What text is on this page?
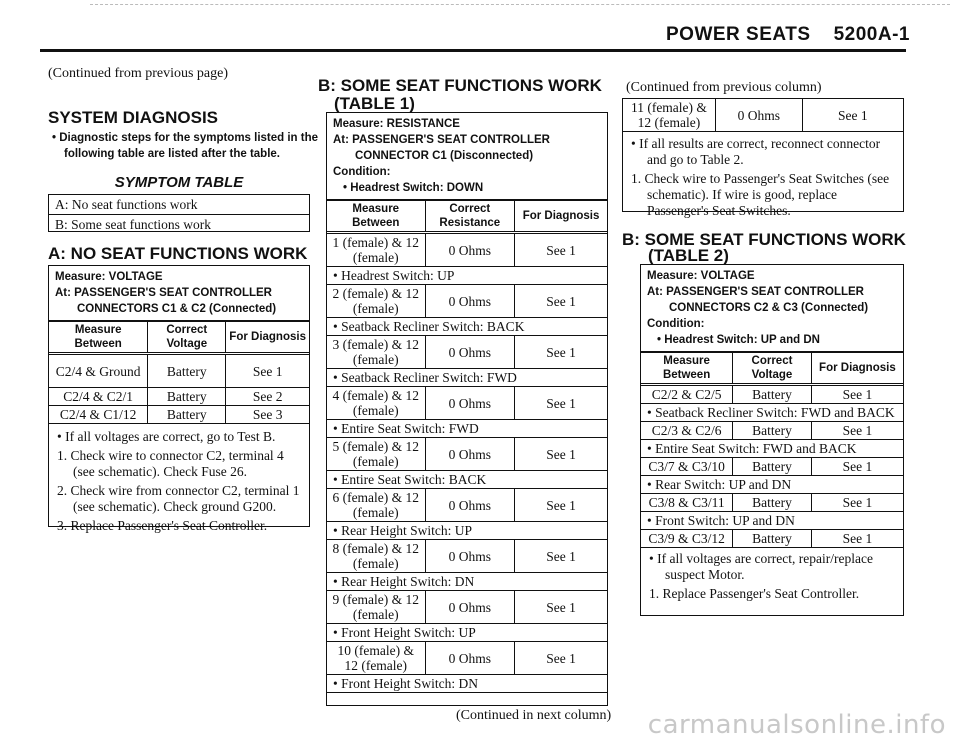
POWER SEATS    5200A-1
(Continued from previous page)
SYSTEM DIAGNOSIS
• Diagnostic steps for the symptoms listed in the following table are listed after the table.
SYMPTOM TABLE
A: No seat functions work
B: Some seat functions work
A: NO SEAT FUNCTIONS WORK
Measure: VOLTAGE
At: PASSENGER'S SEAT CONTROLLER
CONNECTORS C1 & C2 (Connected)
Measure Between	Correct Voltage	For Diagnosis
C2/4 & Ground	Battery	See 1
C2/4 & C2/1	Battery	See 2
C2/4 & C1/12	Battery	See 3
• If all voltages are correct, go to Test B.
1. Check wire to connector C2, terminal 4 (see schematic). Check Fuse 26.
2. Check wire from connector C2, terminal 1 (see schematic). Check ground G200.
3. Replace Passenger's Seat Controller.
B: SOME SEAT FUNCTIONS WORK
(TABLE 1)
Measure: RESISTANCE
At: PASSENGER'S SEAT CONTROLLER
CONNECTOR C1 (Disconnected)
Condition:
• Headrest Switch: DOWN
Measure Between	Correct Resistance	For Diagnosis
1 (female) & 12 (female)	0 Ohms	See 1
• Headrest Switch: UP		
2 (female) & 12 (female)	0 Ohms	See 1
• Seatback Recliner Switch: BACK		
3 (female) & 12 (female)	0 Ohms	See 1
• Seatback Recliner Switch: FWD		
4 (female) & 12 (female)	0 Ohms	See 1
• Entire Seat Switch: FWD		
5 (female) & 12 (female)	0 Ohms	See 1
• Entire Seat Switch: BACK		
6 (female) & 12 (female)	0 Ohms	See 1
• Rear Height Switch: UP		
8 (female) & 12 (female)	0 Ohms	See 1
• Rear Height Switch: DN		
9 (female) & 12 (female)	0 Ohms	See 1
• Front Height Switch: UP		
10 (female) & 12 (female)	0 Ohms	See 1
• Front Height Switch: DN		
(Continued in next column)
(Continued from previous column)
11 (female) & 12 (female)	0 Ohms	See 1
• If all results are correct, reconnect connector and go to Table 2.
1. Check wire to Passenger's Seat Switches (see schematic). If wire is good, replace Passenger's Seat Switches.
B: SOME SEAT FUNCTIONS WORK
(TABLE 2)
Measure: VOLTAGE
At: PASSENGER'S SEAT CONTROLLER
CONNECTORS C2 & C3 (Connected)
Condition:
• Headrest Switch: UP and DN
Measure Between	Correct Voltage	For Diagnosis
C2/2 & C2/5	Battery	See 1
• Seatback Recliner Switch: FWD and BACK		
C2/3 & C2/6	Battery	See 1
• Entire Seat Switch: FWD and BACK		
C3/7 & C3/10	Battery	See 1
• Rear Switch: UP and DN		
C3/8 & C3/11	Battery	See 1
• Front Switch: UP and DN		
C3/9 & C3/12	Battery	See 1
• If all voltages are correct, repair/replace suspect Motor.
1. Replace Passenger's Seat Controller.
carmanualsonline.info
